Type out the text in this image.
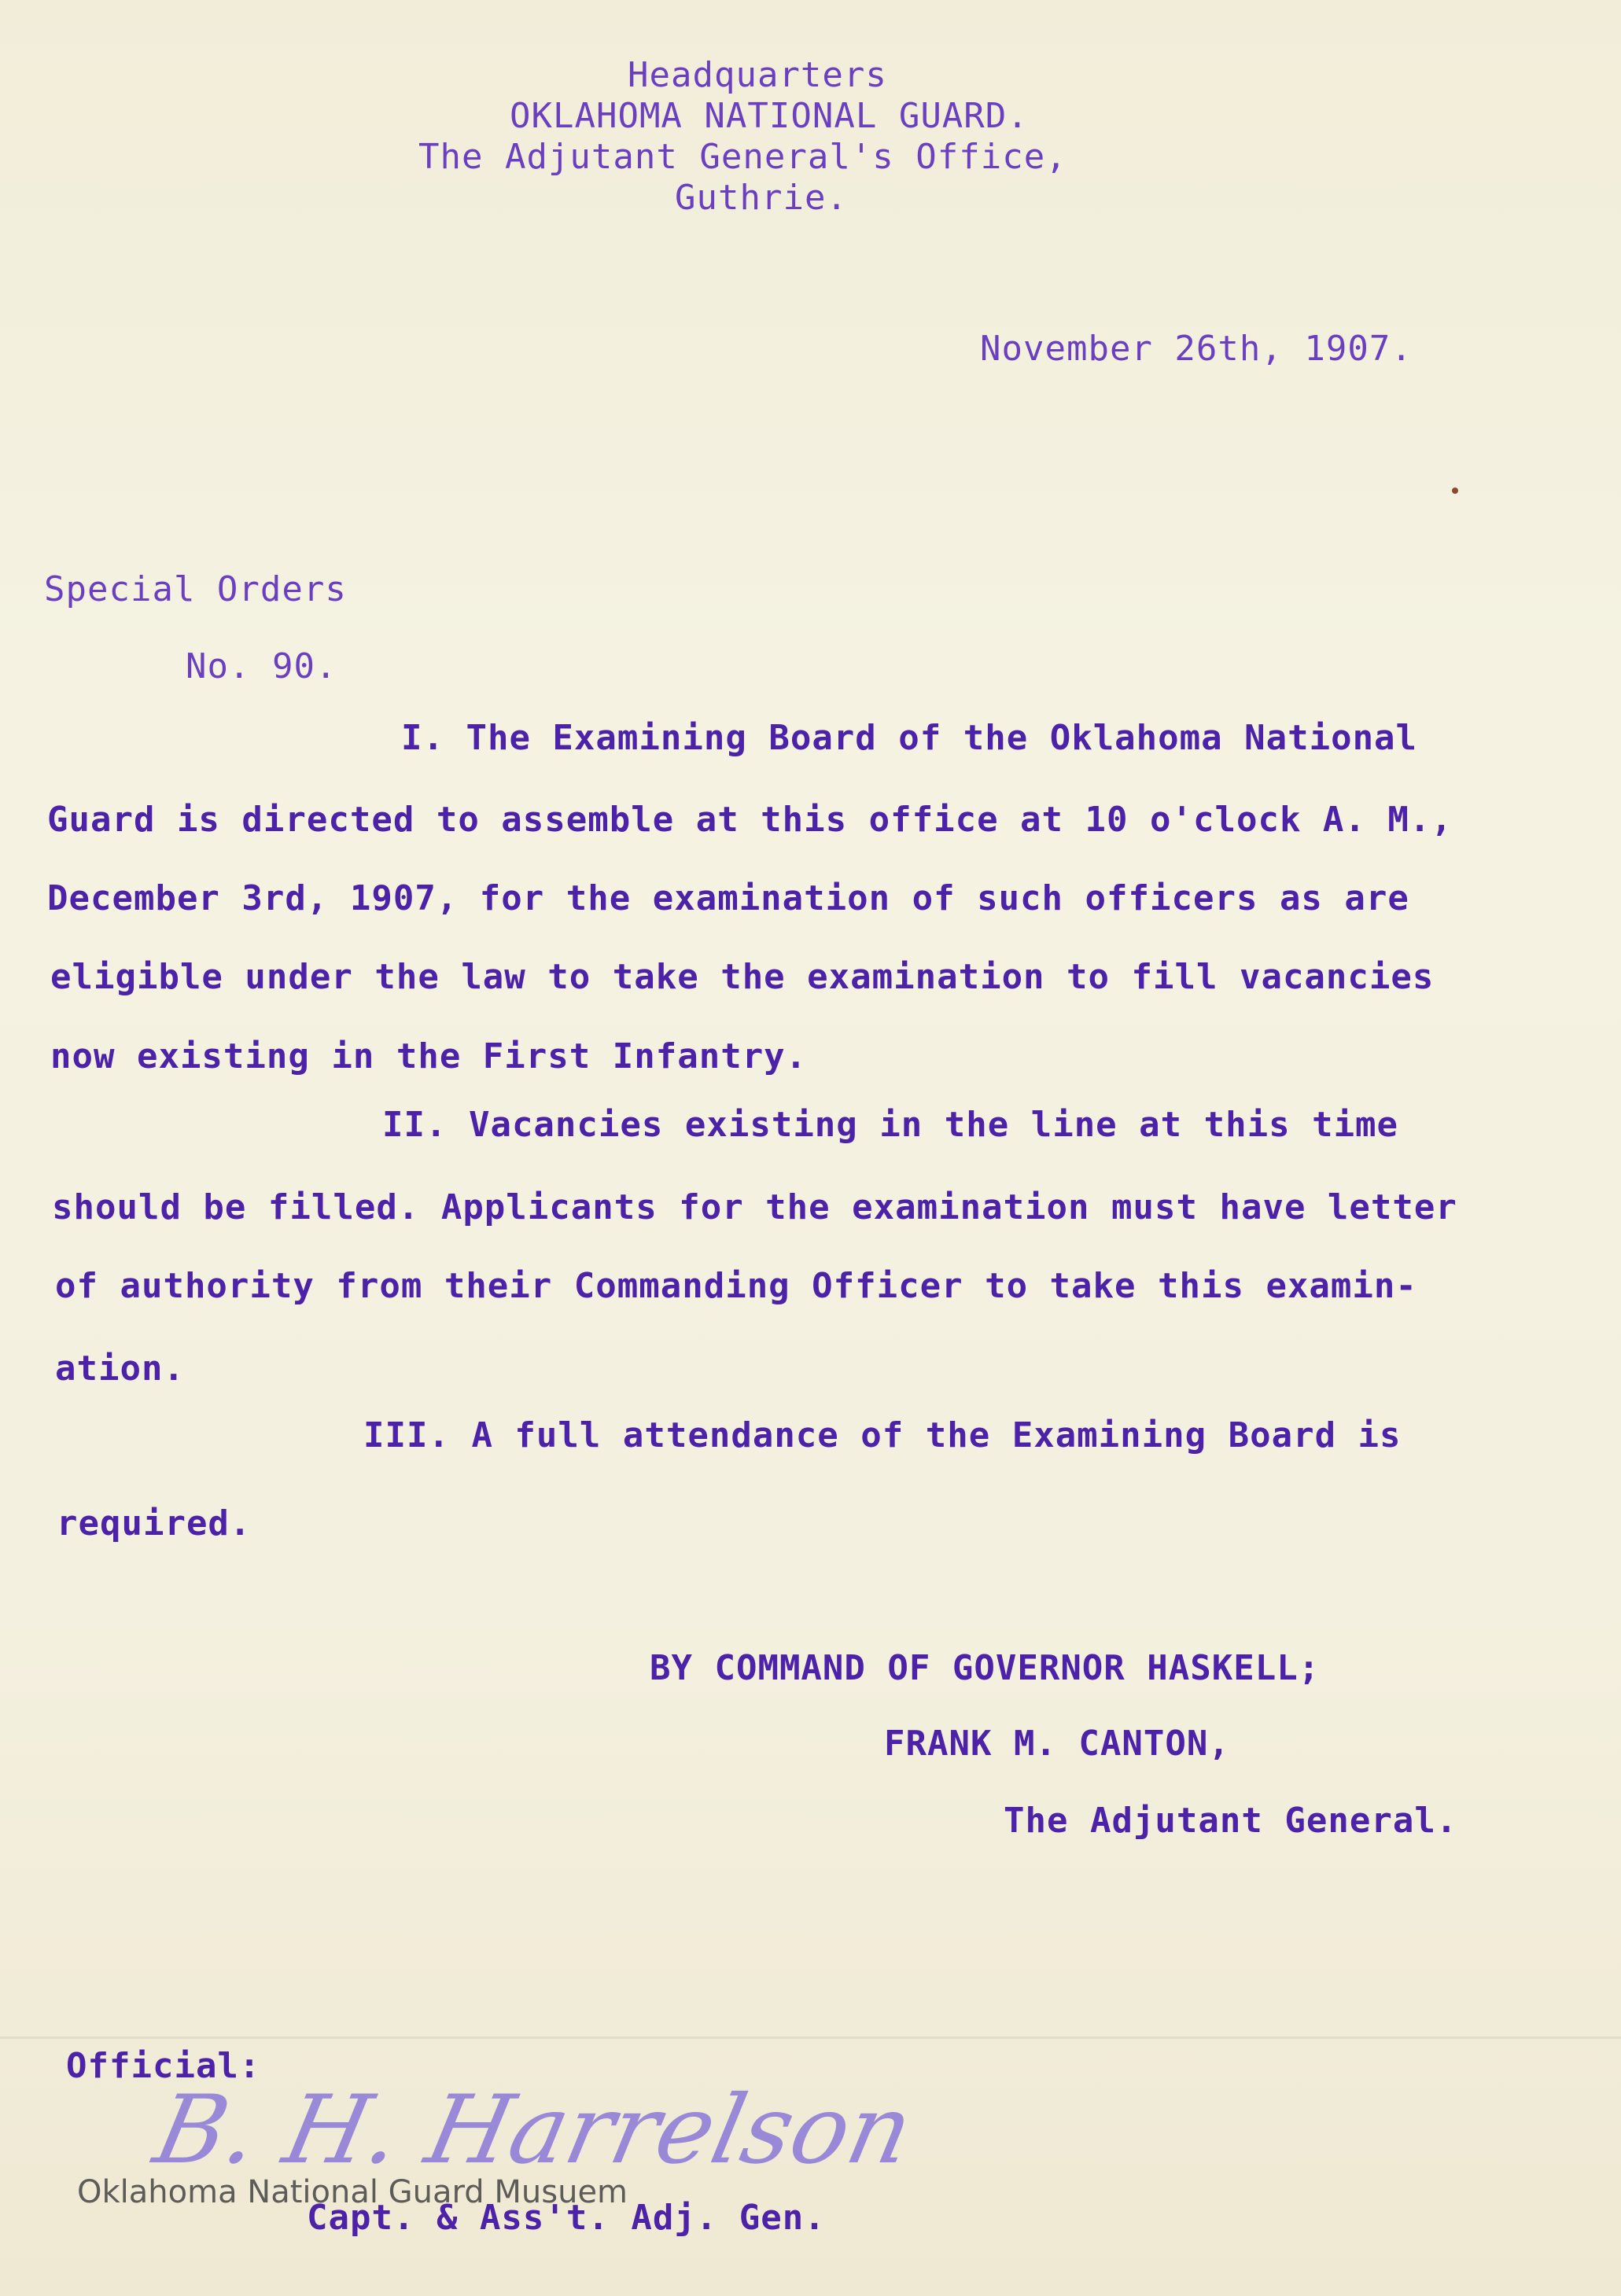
Headquarters
OKLAHOMA NATIONAL GUARD.
The Adjutant General's Office,
Guthrie.
November 26th, 1907.
Special Orders
No. 90.
I. The Examining Board of the Oklahoma National
Guard is directed to assemble at this office at 10 o'clock A. M.,
December 3rd, 1907, for the examination of such officers as are
eligible under the law to take the examination to fill vacancies
now existing in the First Infantry.
II. Vacancies existing in the line at this time
should be filled. Applicants for the examination must have letter
of authority from their Commanding Officer to take this examin-
ation.
III. A full attendance of the Examining Board is
required.
BY COMMAND OF GOVERNOR HASKELL;
FRANK M. CANTON,
The Adjutant General.
Official:
B. H. Harrelson
Oklahoma National Guard Musuem
Capt. & Ass't. Adj. Gen.
